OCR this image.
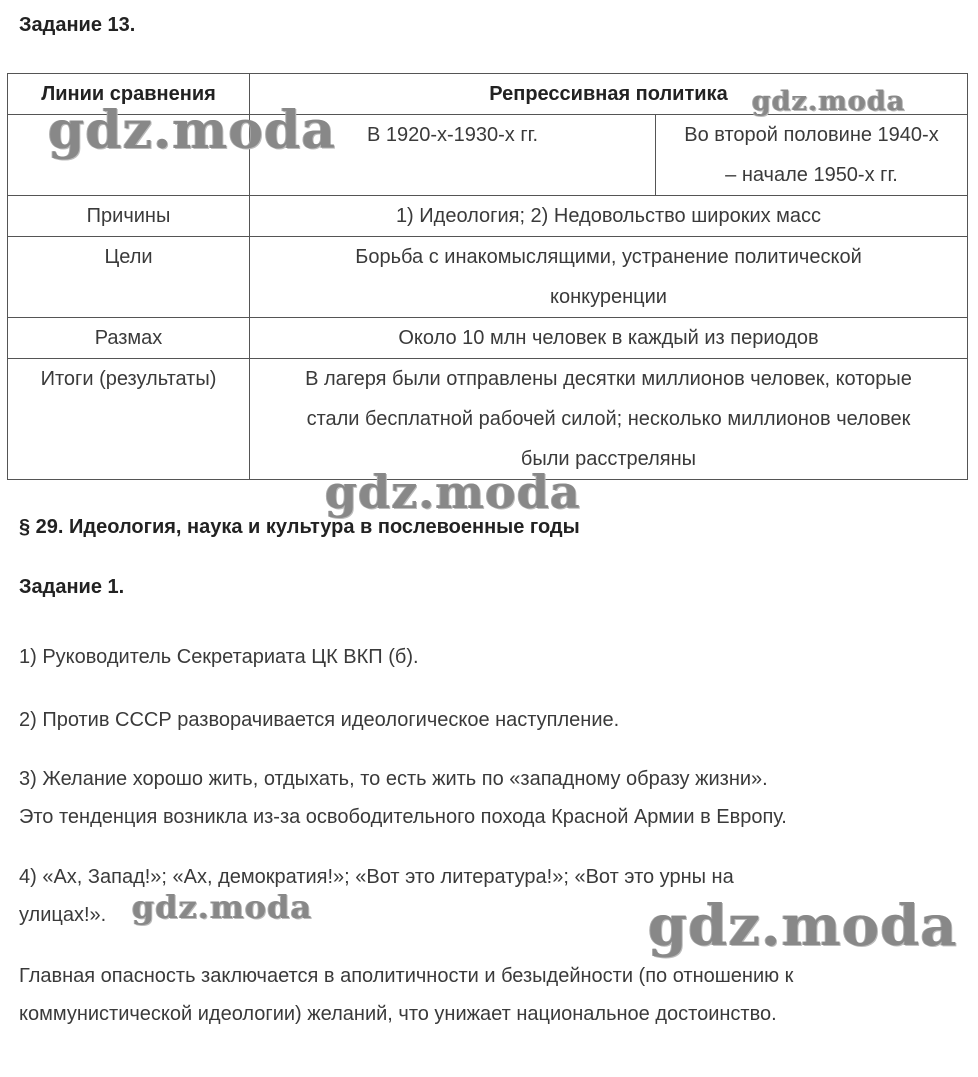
Задание 13.
Линии сравнения	Репрессивная политика	
	В 1920-х-1930-х гг.	Во второй половине 1940-х
– начале 1950-х гг.

Причины	1) Идеология; 2) Недовольство широких масс	
Цели	Борьба с инакомыслящими, устранение политической
конкуренции	

Размах	Около 10 млн человек в каждый из периодов	
Итоги (результаты)	В лагеря были отправлены десятки миллионов человек, которые
стали бесплатной рабочей силой; несколько миллионов человек
были расстреляны	
§ 29. Идеология, наука и культура в послевоенные годы
Задание 1.
1) Руководитель Секретариата ЦК ВКП (б).
2) Против СССР разворачивается идеологическое наступление.
3) Желание хорошо жить, отдыхать, то есть жить по «западному образу жизни».
Это тенденция возникла из-за освободительного похода Красной Армии в Европу.
4) «Ах, Запад!»; «Ах, демократия!»; «Вот это литература!»; «Вот это урны на
улицах!».
Главная опасность заключается в аполитичности и безыдейности (по отношению к
коммунистической идеологии) желаний, что унижает национальное достоинство.
gdz.moda	gdz.moda
gdz.moda
gdz.moda	gdz.moda
